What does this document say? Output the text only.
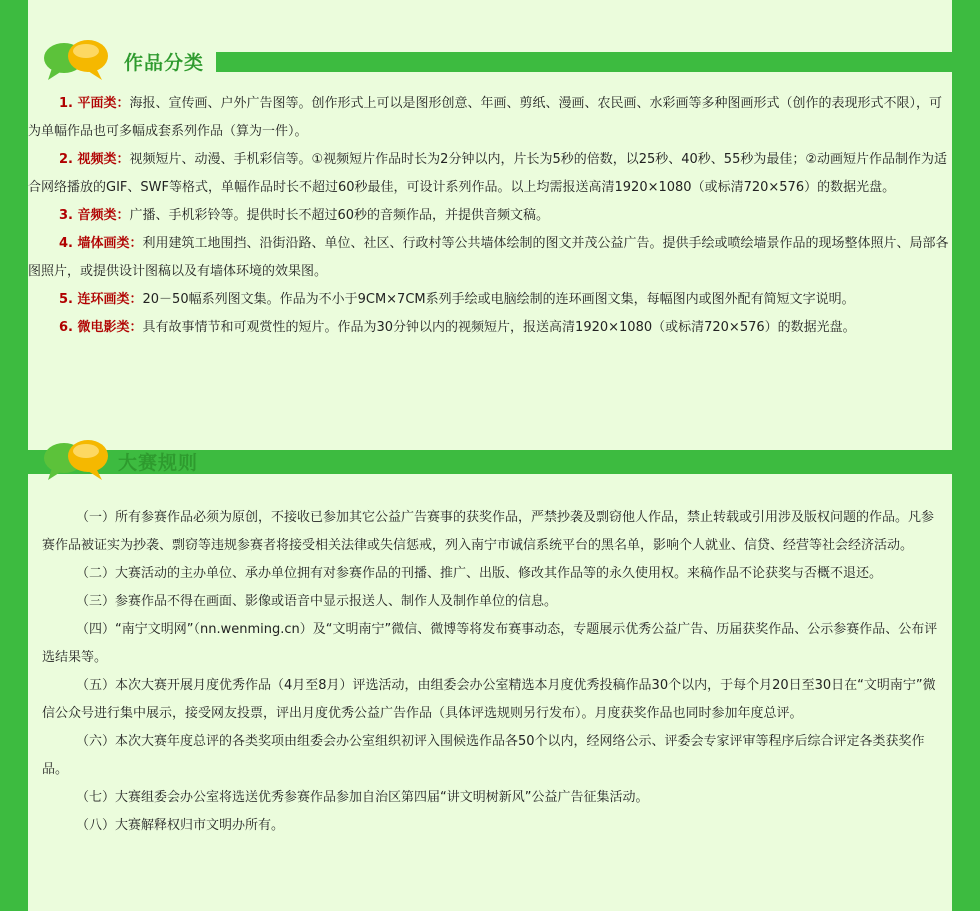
作品分类

1. 平面类：海报、宣传画、户外广告图等。创作形式上可以是图形创意、年画、剪纸、漫画、农民画、水彩画等多种图画形式（创作的表现形式不限），可为单幅作品也可多幅成套系列作品（算为一件）。

2. 视频类：视频短片、动漫、手机彩信等。①视频短片作品时长为2分钟以内，片长为5秒的倍数，以25秒、40秒、55秒为最佳；②动画短片作品制作为适合网络播放的GIF、SWF等格式，单幅作品时长不超过60秒最佳，可设计系列作品。以上均需报送高清1920×1080（或标清720×576）的数据光盘。

3. 音频类：广播、手机彩铃等。提供时长不超过60秒的音频作品，并提供音频文稿。

4. 墙体画类：利用建筑工地围挡、沿街沿路、单位、社区、行政村等公共墙体绘制的图文并茂公益广告。提供手绘或喷绘墙景作品的现场整体照片、局部各图照片，或提供设计图稿以及有墙体环境的效果图。

5. 连环画类：20－50幅系列图文集。作品为不小于9CM×7CM系列手绘或电脑绘制的连环画图文集，每幅图内或图外配有简短文字说明。

6. 微电影类：具有故事情节和可观赏性的短片。作品为30分钟以内的视频短片，报送高清1920×1080（或标清720×576）的数据光盘。

大赛规则

（一）所有参赛作品必须为原创，不接收已参加其它公益广告赛事的获奖作品，严禁抄袭及剽窃他人作品，禁止转载或引用涉及版权问题的作品。凡参赛作品被证实为抄袭、剽窃等违规参赛者将接受相关法律或失信惩戒，列入南宁市诚信系统平台的黑名单，影响个人就业、信贷、经营等社会经济活动。

（二）大赛活动的主办单位、承办单位拥有对参赛作品的刊播、推广、出版、修改其作品等的永久使用权。来稿作品不论获奖与否概不退还。

（三）参赛作品不得在画面、影像或语音中显示报送人、制作人及制作单位的信息。

（四）“南宁文明网”（nn.wenming.cn）及“文明南宁”微信、微博等将发布赛事动态，专题展示优秀公益广告、历届获奖作品、公示参赛作品、公布评选结果等。

（五）本次大赛开展月度优秀作品（4月至8月）评选活动，由组委会办公室精选本月度优秀投稿作品30个以内，于每个月20日至30日在“文明南宁”微信公众号进行集中展示，接受网友投票，评出月度优秀公益广告作品（具体评选规则另行发布）。月度获奖作品也同时参加年度总评。

（六）本次大赛年度总评的各类奖项由组委会办公室组织初评入围候选作品各50个以内，经网络公示、评委会专家评审等程序后综合评定各类获奖作品。

（七）大赛组委会办公室将选送优秀参赛作品参加自治区第四届“讲文明树新风”公益广告征集活动。

（八）大赛解释权归市文明办所有。
